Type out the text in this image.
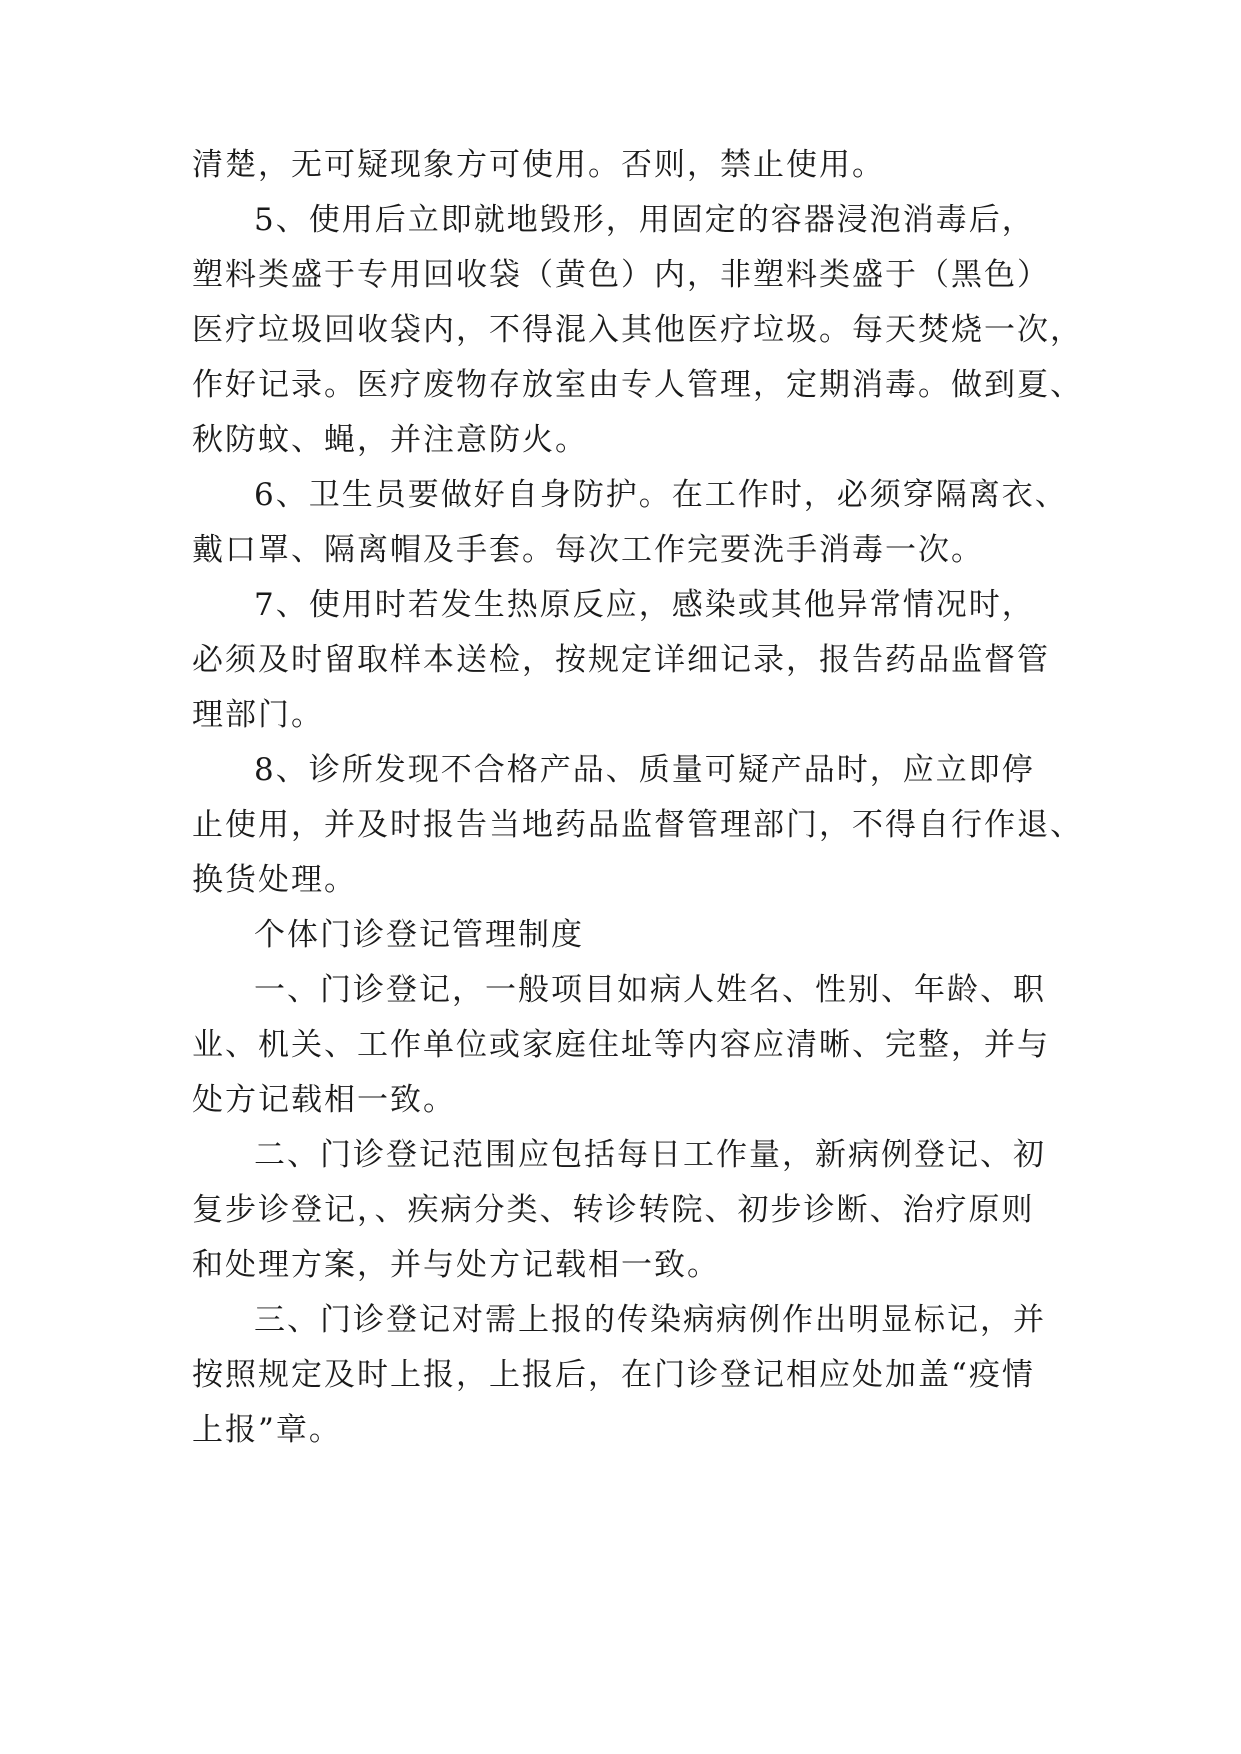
清楚，无可疑现象方可使用。否则，禁止使用。

5、使用后立即就地毁形，用固定的容器浸泡消毒后，

塑料类盛于专用回收袋（黄色）内，非塑料类盛于（黑色）

医疗垃圾回收袋内，不得混入其他医疗垃圾。每天焚烧一次，

作好记录。医疗废物存放室由专人管理，定期消毒。做到夏、

秋防蚊、蝇，并注意防火。

6、卫生员要做好自身防护。在工作时，必须穿隔离衣、

戴口罩、隔离帽及手套。每次工作完要洗手消毒一次。

7、使用时若发生热原反应，感染或其他异常情况时，

必须及时留取样本送检，按规定详细记录，报告药品监督管

理部门。

8、诊所发现不合格产品、质量可疑产品时，应立即停

止使用，并及时报告当地药品监督管理部门，不得自行作退、

换货处理。

个体门诊登记管理制度

一、门诊登记，一般项目如病人姓名、性别、年龄、职

业、机关、工作单位或家庭住址等内容应清晰、完整，并与

处方记载相一致。

二、门诊登记范围应包括每日工作量，新病例登记、初

复步诊登记，、疾病分类、转诊转院、初步诊断、治疗原则

和处理方案，并与处方记载相一致。

三、门诊登记对需上报的传染病病例作出明显标记，并

按照规定及时上报，上报后，在门诊登记相应处加盖“疫情

上报”章。
